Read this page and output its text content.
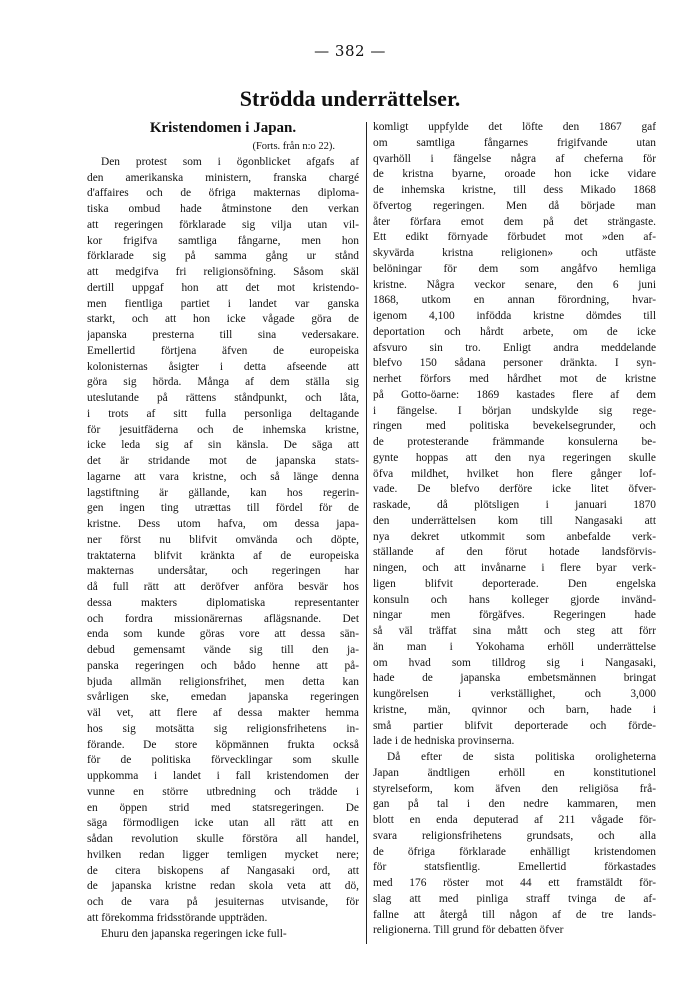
— 382 —
Strödda underrättelser.
Kristendomen i Japan.
(Forts. från n:o 22).
Den protest som i ögonblicket afgafs af
den amerikanska ministern, franska chargé
d'affaires och de öfriga makternas diploma-
tiska ombud hade åtminstone den verkan
att regeringen förklarade sig vilja utan vil-
kor frigifva samtliga fångarne, men hon
förklarade sig på samma gång ur stånd
att medgifva fri religionsöfning. Såsom skäl
dertill uppgaf hon att det mot kristendo-
men fientliga partiet i landet var ganska
starkt, och att hon icke vågade göra de
japanska presterna till sina vedersakare.
Emellertid förtjena äfven de europeiska
kolonisternas åsigter i detta afseende att
göra sig hörda. Många af dem ställa sig
uteslutande på rättens ståndpunkt, och låta,
i trots af sitt fulla personliga deltagande
för jesuitfäderna och de inhemska kristne,
icke leda sig af sin känsla. De säga att
det är stridande mot de japanska stats-
lagarne att vara kristne, och så länge denna
lagstiftning är gällande, kan hos regerin-
gen ingen ting utrættas till fördel för de
kristne. Dess utom hafva, om dessa japa-
ner först nu blifvit omvända och döpte,
traktaterna blifvit kränkta af de europeiska
makternas undersåtar, och regeringen har
då full rätt att deröfver anföra besvär hos
dessa makters diplomatiska representanter
och fordra missionärernas aflägsnande. Det
enda som kunde göras vore att dessa sän-
debud gemensamt vände sig till den ja-
panska regeringen och bådo henne att på-
bjuda allmän religionsfrihet, men detta kan
svårligen ske, emedan japanska regeringen
väl vet, att flere af dessa makter hemma
hos sig motsätta sig religionsfrihetens in-
förande. De store köpmännen frukta också
för de politiska förvecklingar som skulle
uppkomma i landet i fall kristendomen der
vunne en större utbredning och trädde i
en öppen strid med statsregeringen. De
säga förmodligen icke utan all rätt att en
sådan revolution skulle förstöra all handel,
hvilken redan ligger temligen mycket nere;
de citera biskopens af Nangasaki ord, att
de japanska kristne redan skola veta att dö,
och de vara på jesuiternas utvisande, för
att förekomma fridsstörande uppträden.
Ehuru den japanska regeringen icke full-
komligt uppfylde det löfte den 1867 gaf
om samtliga fångarnes frigifvande utan
qvarhöll i fängelse några af cheferna för
de kristna byarne, oroade hon icke vidare
de inhemska kristne, till dess Mikado 1868
öfvertog regeringen. Men då började man
åter förfara emot dem på det strängaste.
Ett edikt förnyade förbudet mot »den af-
skyvärda kristna religionen» och utfäste
belöningar för dem som angåfvo hemliga
kristne. Några veckor senare, den 6 juni
1868, utkom en annan förordning, hvar-
igenom 4,100 infödda kristne dömdes till
deportation och hårdt arbete, om de icke
afsvuro sin tro. Enligt andra meddelande
blefvo 150 sådana personer dränkta. I syn-
nerhet förfors med hårdhet mot de kristne
på Gotto-öarne: 1869 kastades flere af dem
i fängelse. I början undskylde sig rege-
ringen med politiska bevekelsegrunder, och
de protesterande främmande konsulerna be-
gynte hoppas att den nya regeringen skulle
öfva mildhet, hvilket hon flere gånger lof-
vade. De blefvo derföre icke litet öfver-
raskade, då plötsligen i januari 1870
den underrättelsen kom till Nangasaki att
nya dekret utkommit som anbefalde verk-
ställande af den förut hotade landsförvis-
ningen, och att invånarne i flere byar verk-
ligen blifvit deporterade. Den engelska
konsuln och hans kolleger gjorde invänd-
ningar men förgäfves. Regeringen hade
så väl träffat sina mått och steg att förr
än man i Yokohama erhöll underrättelse
om hvad som tilldrog sig i Nangasaki,
hade de japanska embetsmännen bringat
kungörelsen i verkställighet, och 3,000
kristne, män, qvinnor och barn, hade i
små partier blifvit deporterade och förde-
lade i de hedniska provinserna.
Då efter de sista politiska oroligheterna
Japan ändtligen erhöll en konstitutionel
styrelseform, kom äfven den religiösa frå-
gan på tal i den nedre kammaren, men
blott en enda deputerad af 211 vågade för-
svara religionsfrihetens grundsats, och alla
de öfriga förklarade enhälligt kristendomen
för statsfientlig. Emellertid förkastades
med 176 röster mot 44 ett framstäldt för-
slag att med pinliga straff tvinga de af-
fallne att återgå till någon af de tre lands-
religionerna. Till grund för debatten öfver
